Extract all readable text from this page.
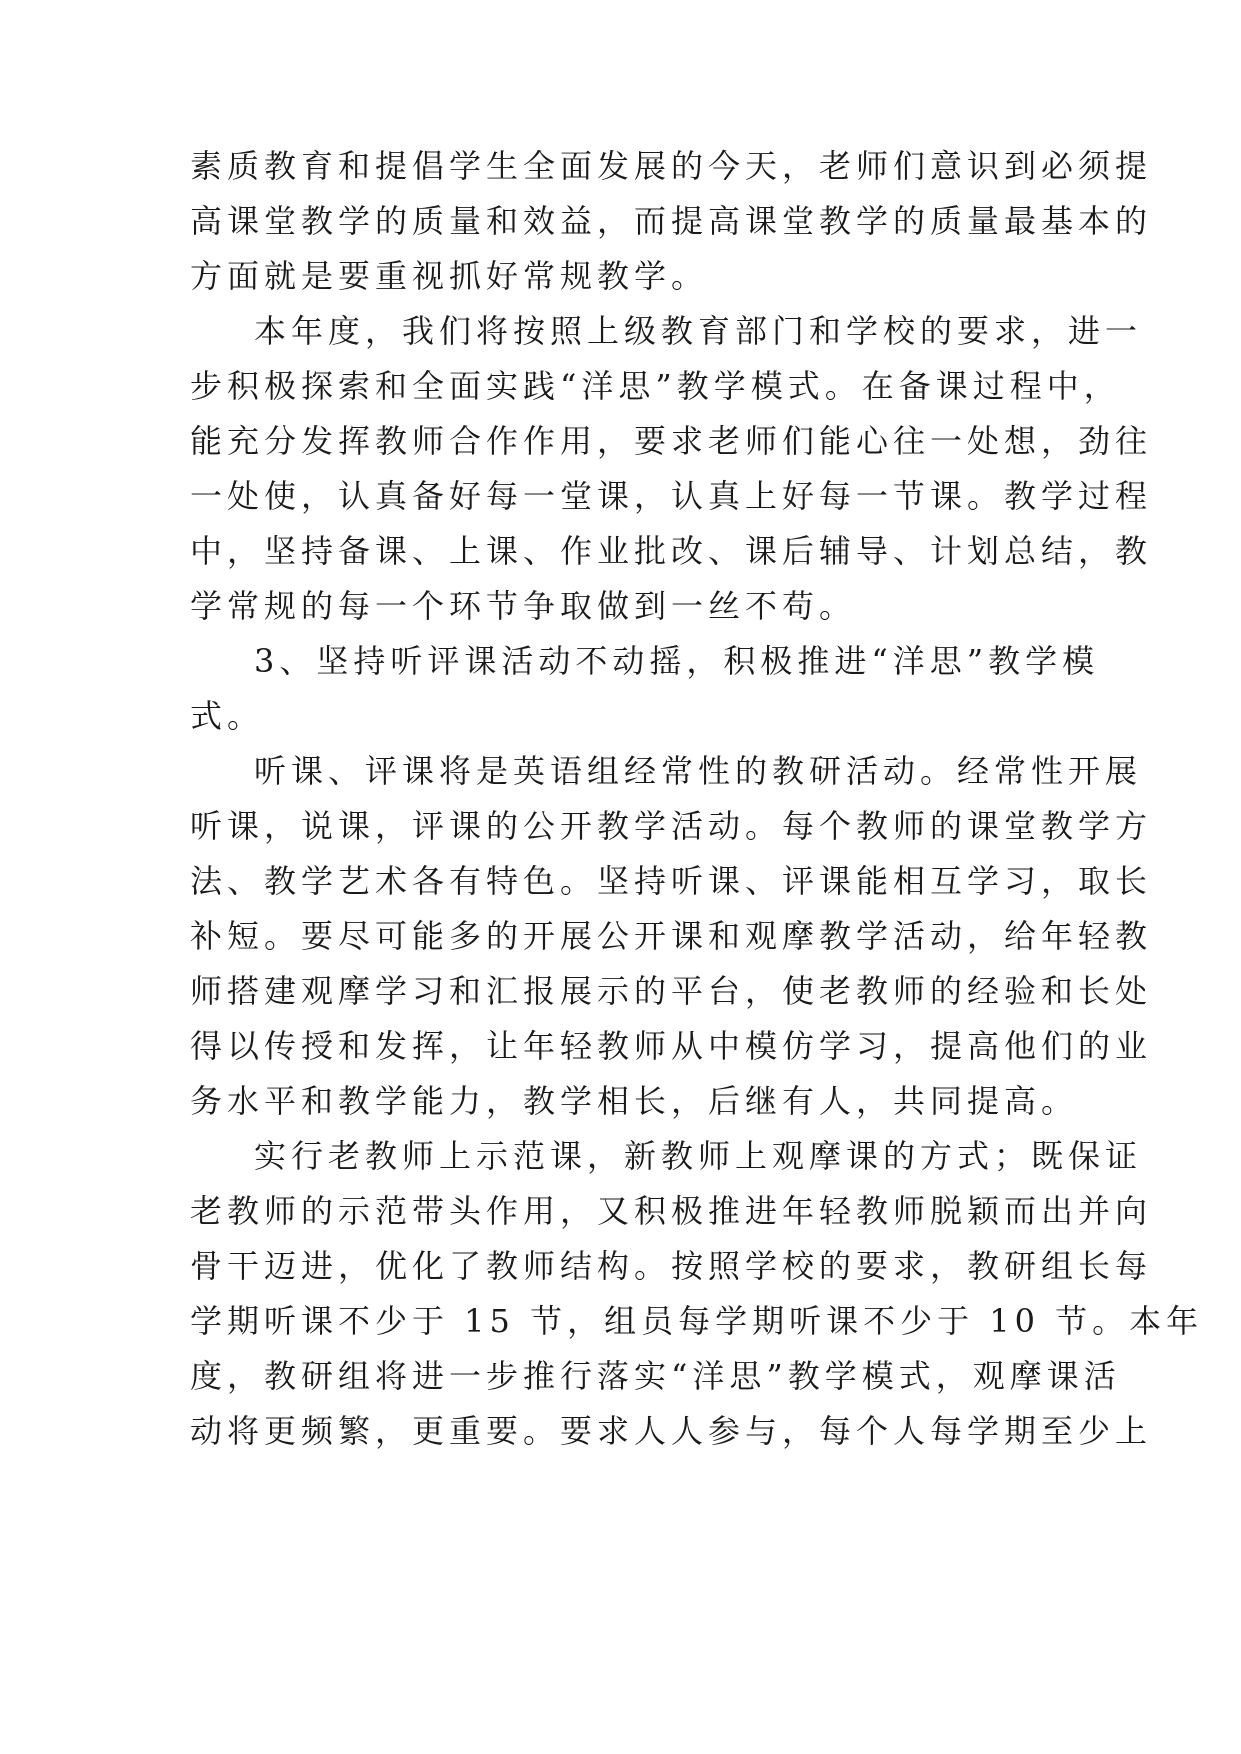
素质教育和提倡学生全面发展的今天，老师们意识到必须提
高课堂教学的质量和效益，而提高课堂教学的质量最基本的
方面就是要重视抓好常规教学。
本年度，我们将按照上级教育部门和学校的要求，进一
步积极探索和全面实践“洋思”教学模式。在备课过程中，
能充分发挥教师合作作用，要求老师们能心往一处想，劲往
一处使，认真备好每一堂课，认真上好每一节课。教学过程
中，坚持备课、上课、作业批改、课后辅导、计划总结，教
学常规的每一个环节争取做到一丝不苟。
3、坚持听评课活动不动摇，积极推进“洋思”教学模
式。
听课、评课将是英语组经常性的教研活动。经常性开展
听课，说课，评课的公开教学活动。每个教师的课堂教学方
法、教学艺术各有特色。坚持听课、评课能相互学习，取长
补短。要尽可能多的开展公开课和观摩教学活动，给年轻教
师搭建观摩学习和汇报展示的平台，使老教师的经验和长处
得以传授和发挥，让年轻教师从中模仿学习，提高他们的业
务水平和教学能力，教学相长，后继有人，共同提高。
实行老教师上示范课，新教师上观摩课的方式；既保证
老教师的示范带头作用，又积极推进年轻教师脱颖而出并向
骨干迈进，优化了教师结构。按照学校的要求，教研组长每
学期听课不少于 15 节，组员每学期听课不少于 10 节。本年
度，教研组将进一步推行落实“洋思”教学模式，观摩课活
动将更频繁，更重要。要求人人参与，每个人每学期至少上
